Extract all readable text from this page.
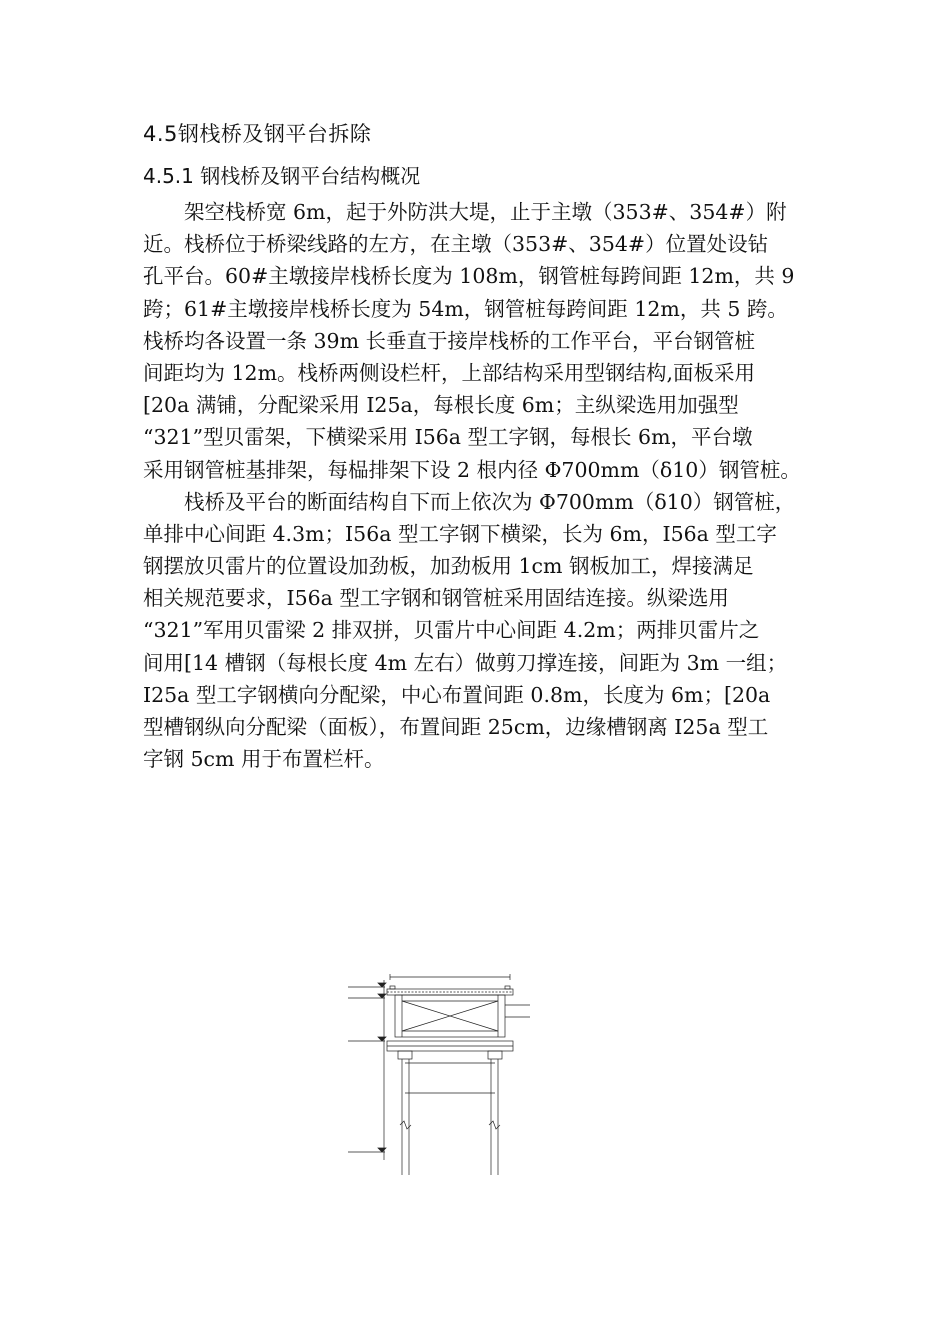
4.5钢栈桥及钢平台拆除
4.5.1 钢栈桥及钢平台结构概况
架空栈桥宽 6m，起于外防洪大堤，止于主墩（353#、354#）附
近。栈桥位于桥梁线路的左方，在主墩（353#、354#）位置处设钻
孔平台。60#主墩接岸栈桥长度为 108m，钢管桩每跨间距 12m，共 9
跨；61#主墩接岸栈桥长度为 54m，钢管桩每跨间距 12m，共 5 跨。
栈桥均各设置一条 39m 长垂直于接岸栈桥的工作平台，平台钢管桩
间距均为 12m。栈桥两侧设栏杆，上部结构采用型钢结构,面板采用
[20a 满铺，分配梁采用 I25a，每根长度 6m；主纵梁选用加强型
“321”型贝雷架，下横梁采用 I56a 型工字钢，每根长 6m，平台墩
采用钢管桩基排架，每榀排架下设 2 根内径 Φ700mm（δ10）钢管桩。
栈桥及平台的断面结构自下而上依次为 Φ700mm（δ10）钢管桩，
单排中心间距 4.3m；I56a 型工字钢下横梁，长为 6m，I56a 型工字
钢摆放贝雷片的位置设加劲板，加劲板用 1cm 钢板加工，焊接满足
相关规范要求，I56a 型工字钢和钢管桩采用固结连接。纵梁选用
“321”军用贝雷梁 2 排双拼，贝雷片中心间距 4.2m；两排贝雷片之
间用[14 槽钢（每根长度 4m 左右）做剪刀撑连接，间距为 3m 一组；
I25a 型工字钢横向分配梁，中心布置间距 0.8m，长度为 6m；[20a
型槽钢纵向分配梁（面板），布置间距 25cm，边缘槽钢离 I25a 型工
字钢 5cm 用于布置栏杆。
